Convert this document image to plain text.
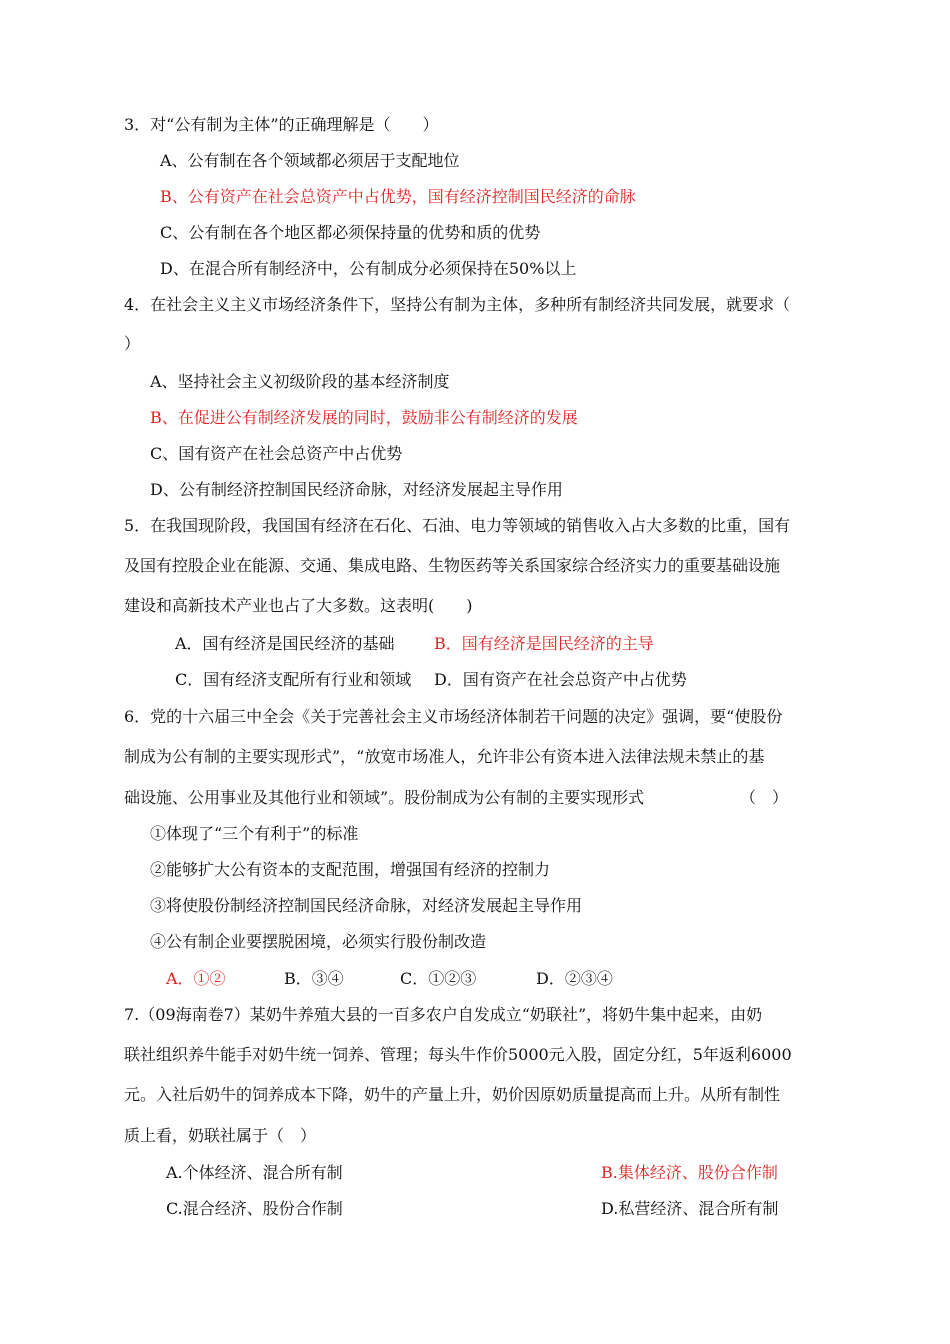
3．对“公有制为主体”的正确理解是（　　）
A、公有制在各个领域都必须居于支配地位
B、公有资产在社会总资产中占优势，国有经济控制国民经济的命脉
C、公有制在各个地区都必须保持量的优势和质的优势
D、在混合所有制经济中，公有制成分必须保持在50%以上
4．在社会主义主义市场经济条件下，坚持公有制为主体，多种所有制经济共同发展，就要求（
）
A、坚持社会主义初级阶段的基本经济制度
B、在促进公有制经济发展的同时，鼓励非公有制经济的发展
C、国有资产在社会总资产中占优势
D、公有制经济控制国民经济命脉，对经济发展起主导作用
5．在我国现阶段，我国国有经济在石化、石油、电力等领域的销售收入占大多数的比重，国有
及国有控股企业在能源、交通、集成电路、生物医药等关系国家综合经济实力的重要基础设施
建设和高新技术产业也占了大多数。这表明(　　)
A．国有经济是国民经济的基础 B．国有经济是国民经济的主导
C．国有经济支配所有行业和领域 D．国有资产在社会总资产中占优势
6．党的十六届三中全会《关于完善社会主义市场经济体制若干问题的决定》强调，要“使股份
制成为公有制的主要实现形式”，“放宽市场准人，允许非公有资本进入法律法规未禁止的基
础设施、公用事业及其他行业和领域”。股份制成为公有制的主要实现形式	（　）
①体现了“三个有利于”的标准
②能够扩大公有资本的支配范围，增强国有经济的控制力
③将使股份制经济控制国民经济命脉，对经济发展起主导作用
④公有制企业要摆脱困境，必须实行股份制改造
A．①②	B．③④	C．①②③	D．②③④
7.（09海南卷7）某奶牛养殖大县的一百多农户自发成立“奶联社”，将奶牛集中起来，由奶
联社组织养牛能手对奶牛统一饲养、管理；每头牛作价5000元入股，固定分红，5年返利6000
元。入社后奶牛的饲养成本下降，奶牛的产量上升，奶价因原奶质量提高而上升。从所有制性
质上看，奶联社属于（　）
A.个体经济、混合所有制	B.集体经济、股份合作制
C.混合经济、股份合作制	D.私营经济、混合所有制
